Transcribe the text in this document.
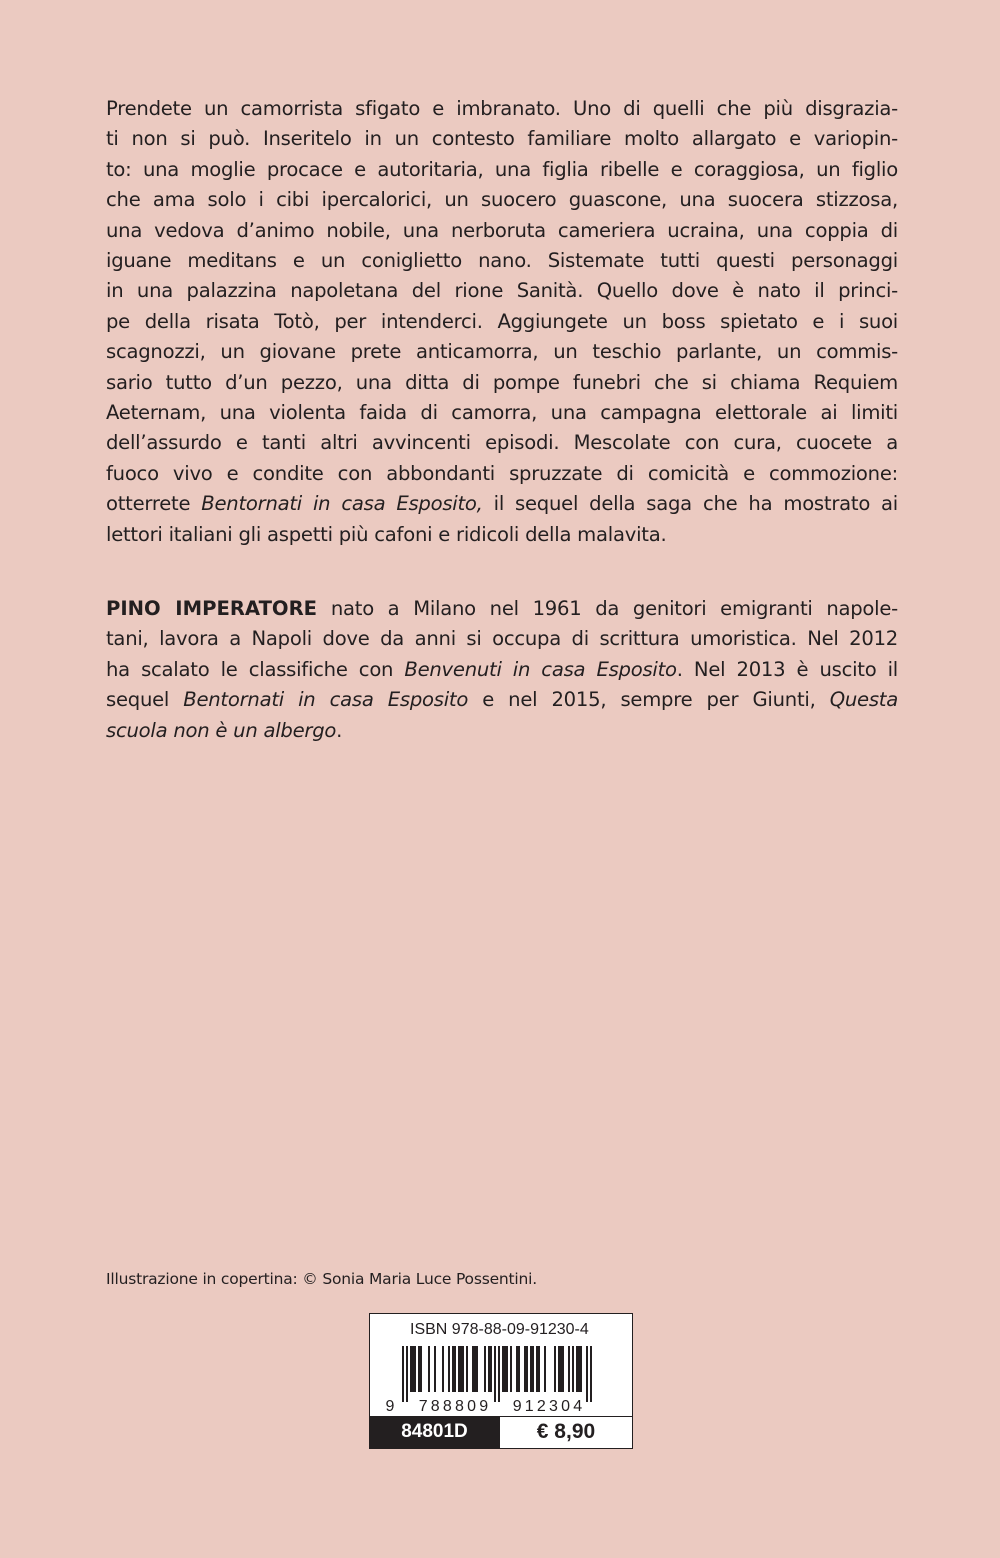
Prendete un camorrista sfigato e imbranato. Uno di quelli che più disgrazia-
ti non si può. Inseritelo in un contesto familiare molto allargato e variopin-
to: una moglie procace e autoritaria, una figlia ribelle e coraggiosa, un figlio
che ama solo i cibi ipercalorici, un suocero guascone, una suocera stizzosa,
una vedova d’animo nobile, una nerboruta cameriera ucraina, una coppia di
iguane meditans e un coniglietto nano. Sistemate tutti questi personaggi
in una palazzina napoletana del rione Sanità. Quello dove è nato il princi-
pe della risata Totò, per intenderci. Aggiungete un boss spietato e i suoi
scagnozzi, un giovane prete anticamorra, un teschio parlante, un commis-
sario tutto d’un pezzo, una ditta di pompe funebri che si chiama Requiem
Aeternam, una violenta faida di camorra, una campagna elettorale ai limiti
dell’assurdo e tanti altri avvincenti episodi. Mescolate con cura, cuocete a
fuoco vivo e condite con abbondanti spruzzate di comicità e commozione:
otterrete Bentornati in casa Esposito, il sequel della saga che ha mostrato ai
lettori italiani gli aspetti più cafoni e ridicoli della malavita.
PINO IMPERATORE nato a Milano nel 1961 da genitori emigranti napole-
tani, lavora a Napoli dove da anni si occupa di scrittura umoristica. Nel 2012
ha scalato le classifiche con Benvenuti in casa Esposito. Nel 2013 è uscito il
sequel Bentornati in casa Esposito e nel 2015, sempre per Giunti, Questa
scuola non è un albergo.
Illustrazione in copertina: © Sonia Maria Luce Possentini.
ISBN 978-88-09-91230-4
9 788809 912304
84801D	€ 8,90
